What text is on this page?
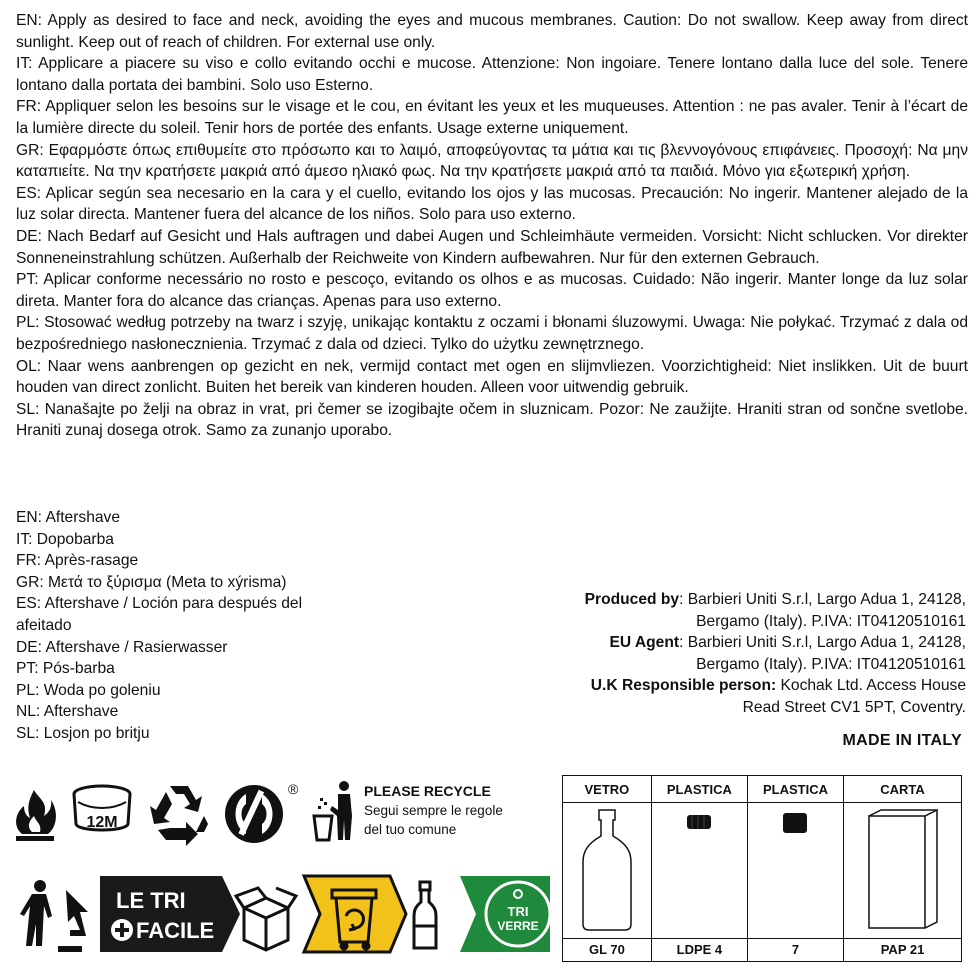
EN: Apply as desired to face and neck, avoiding the eyes and mucous membranes. Caution: Do not swallow. Keep away from direct sunlight. Keep out of reach of children. For external use only.

IT: Applicare a piacere su viso e collo evitando occhi e mucose. Attenzione: Non ingoiare. Tenere lontano dalla luce del sole. Tenere lontano dalla portata dei bambini. Solo uso Esterno.

FR: Appliquer selon les besoins sur le visage et le cou, en évitant les yeux et les muqueuses. Attention : ne pas avaler. Tenir à l’écart de la lumière directe du soleil. Tenir hors de portée des enfants. Usage externe uniquement.

GR: Εφαρμόστε όπως επιθυμείτε στο πρόσωπο και το λαιμό, αποφεύγοντας τα μάτια και τις βλεννογόνους επιφάνειες. Προσοχή: Να μην καταπιείτε. Να την κρατήσετε μακριά από άμεσο ηλιακό φως. Να την κρατήσετε μακριά από τα παιδιά. Μόνο για εξωτερική χρήση.

ES: Aplicar según sea necesario en la cara y el cuello, evitando los ojos y las mucosas. Precaución: No ingerir. Mantener alejado de la luz solar directa. Mantener fuera del alcance de los niños. Solo para uso externo.

DE: Nach Bedarf auf Gesicht und Hals auftragen und dabei Augen und Schleimhäute vermeiden. Vorsicht: Nicht schlucken. Vor direkter Sonneneinstrahlung schützen. Außerhalb der Reichweite von Kindern aufbewahren. Nur für den externen Gebrauch.

PT: Aplicar conforme necessário no rosto e pescoço, evitando os olhos e as mucosas. Cuidado: Não ingerir. Manter longe da luz solar direta. Manter fora do alcance das crianças. Apenas para uso externo.

PL: Stosować według potrzeby na twarz i szyję, unikając kontaktu z oczami i błonami śluzowymi. Uwaga: Nie połykać. Trzymać z dala od bezpośredniego nasłonecznienia. Trzymać z dala od dzieci. Tylko do użytku zewnętrznego.

OL: Naar wens aanbrengen op gezicht en nek, vermijd contact met ogen en slijmvliezen. Voorzichtigheid: Niet inslikken. Uit de buurt houden van direct zonlicht. Buiten het bereik van kinderen houden. Alleen voor uitwendig gebruik.

SL: Nanašajte po želji na obraz in vrat, pri čemer se izogibajte očem in sluznicam. Pozor: Ne zaužijte. Hraniti stran od sončne svetlobe. Hraniti zunaj dosega otrok. Samo za zunanjo uporabo.

EN: Aftershave
IT: Dopobarba
FR: Après-rasage
GR: Μετά το ξύρισμα (Meta to xýrisma)
ES: Aftershave / Loción para después del afeitado
DE: Aftershave / Rasierwasser
PT: Pós-barba
PL: Woda po goleniu
NL: Aftershave
SL: Losjon po britju
Produced by: Barbieri Uniti S.r.l, Largo Adua 1, 24128,
Bergamo (Italy). P.IVA: IT04120510161
EU Agent: Barbieri Uniti S.r.l, Largo Adua 1, 24128,
Bergamo (Italy). P.IVA: IT04120510161
U.K Responsible person: Kochak Ltd. Access House
Read Street CV1 5PT, Coventry.
MADE IN ITALY
12M
®	PLEASE RECYCLE
Segui sempre le regole
del tuo comune
LE TRI
FACILE
TRI
VERRE
VETRO	PLASTICA	PLASTICA	CARTA

GL 70	LDPE 4	7	PAP 21
